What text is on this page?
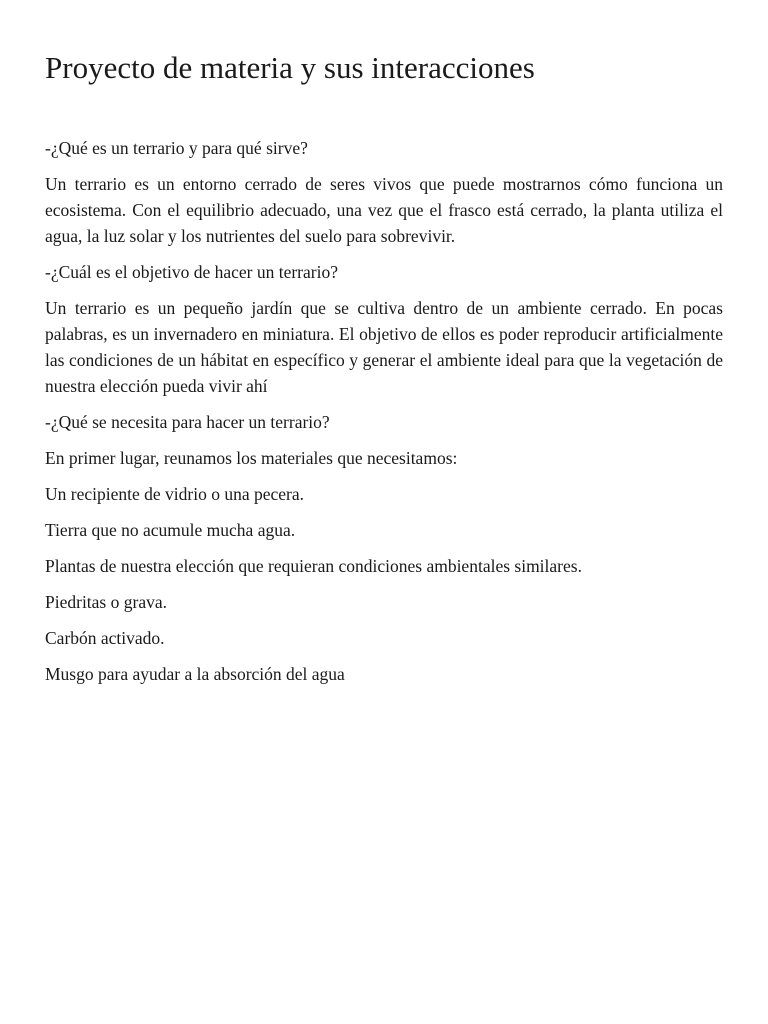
Proyecto de materia y sus interacciones

-¿Qué es un terrario y para qué sirve?

Un terrario es un entorno cerrado de seres vivos que puede mostrarnos cómo funciona un ecosistema. Con el equilibrio adecuado, una vez que el frasco está cerrado, la planta utiliza el agua, la luz solar y los nutrientes del suelo para sobrevivir.

-¿Cuál es el objetivo de hacer un terrario?

Un terrario es un pequeño jardín que se cultiva dentro de un ambiente cerrado. En pocas palabras, es un invernadero en miniatura. El objetivo de ellos es poder reproducir artificialmente las condiciones de un hábitat en específico y generar el ambiente ideal para que la vegetación de nuestra elección pueda vivir ahí

-¿Qué se necesita para hacer un terrario?

En primer lugar, reunamos los materiales que necesitamos:

Un recipiente de vidrio o una pecera.

Tierra que no acumule mucha agua.

Plantas de nuestra elección que requieran condiciones ambientales similares.

Piedritas o grava.

Carbón activado.

Musgo para ayudar a la absorción del agua
